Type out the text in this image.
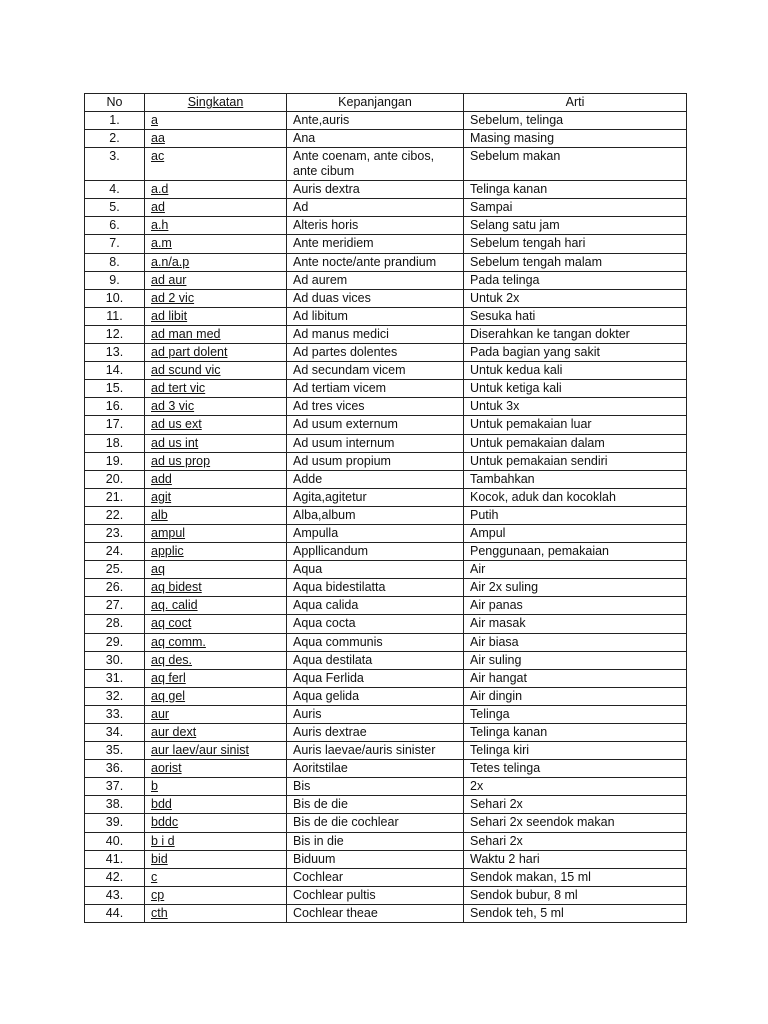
No	Singkatan	Kepanjangan	Arti
1.	a	Ante,auris	Sebelum, telinga
2.	aa	Ana	Masing masing
3.	ac	Ante coenam, ante cibos, ante cibum	Sebelum makan
4.	a.d	Auris dextra	Telinga kanan
5.	ad	Ad	Sampai
6.	a.h	Alteris horis	Selang satu jam
7.	a.m	Ante meridiem	Sebelum tengah hari
8.	a.n/a.p	Ante nocte/ante prandium	Sebelum tengah malam
9.	ad aur	Ad aurem	Pada telinga
10.	ad 2 vic	Ad duas vices	Untuk 2x
11.	ad libit	Ad libitum	Sesuka hati
12.	ad man med	Ad manus medici	Diserahkan ke tangan dokter
13.	ad part dolent	Ad partes dolentes	Pada bagian yang sakit
14.	ad scund vic	Ad secundam vicem	Untuk kedua kali
15.	ad tert vic	Ad tertiam vicem	Untuk ketiga kali
16.	ad 3 vic	Ad tres vices	Untuk 3x
17.	ad us ext	Ad usum externum	Untuk pemakaian luar
18.	ad us int	Ad usum internum	Untuk pemakaian dalam
19.	ad us prop	Ad usum propium	Untuk pemakaian sendiri
20.	add	Adde	Tambahkan
21.	agit	Agita,agitetur	Kocok, aduk dan kocoklah
22.	alb	Alba,album	Putih
23.	ampul	Ampulla	Ampul
24.	applic	Appllicandum	Penggunaan, pemakaian
25.	aq	Aqua	Air
26.	aq bidest	Aqua bidestilatta	Air 2x suling
27.	aq. calid	Aqua calida	Air panas
28.	aq coct	Aqua cocta	Air masak
29.	aq comm.	Aqua communis	Air biasa
30.	aq des.	Aqua destilata	Air suling
31.	aq ferl	Aqua Ferlida	Air hangat
32.	aq gel	Aqua gelida	Air dingin
33.	aur	Auris	Telinga
34.	aur dext	Auris dextrae	Telinga kanan
35.	aur laev/aur sinist	Auris laevae/auris sinister	Telinga kiri
36.	aorist	Aoritstilae	Tetes telinga
37.	b	Bis	2x
38.	bdd	Bis de die	Sehari 2x
39.	bddc	Bis de die cochlear	Sehari 2x seendok makan
40.	b i d	Bis in die	Sehari 2x
41.	bid	Biduum	Waktu 2 hari
42.	c	Cochlear	Sendok makan, 15 ml
43.	cp	Cochlear pultis	Sendok bubur, 8 ml
44.	cth	Cochlear theae	Sendok teh, 5 ml
